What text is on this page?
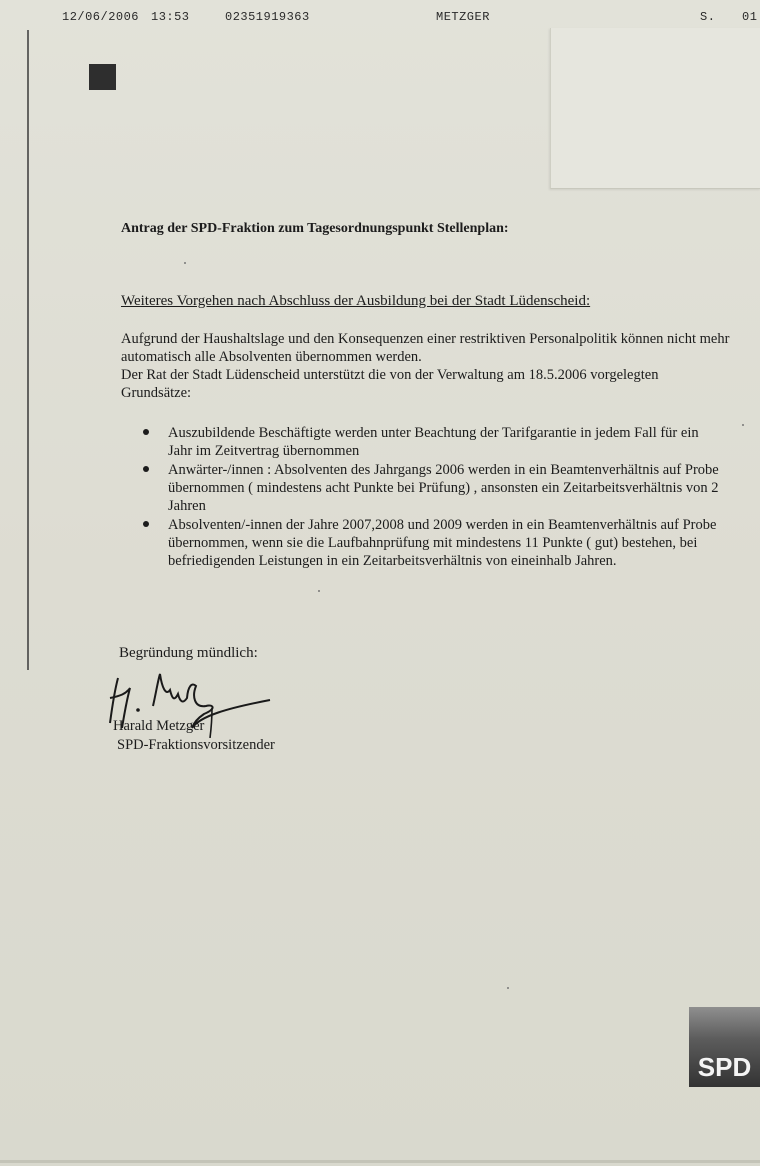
12/06/2006 13:53	02351919363	METZGER	S. 01
Antrag der SPD-Fraktion zum Tagesordnungspunkt Stellenplan:
Weiteres Vorgehen nach Abschluss der Ausbildung bei der Stadt Lüdenscheid:

Aufgrund der Haushaltslage und den Konsequenzen einer restriktiven Personalpolitik können nicht mehr automatisch alle Absolventen übernommen werden.

Der Rat der Stadt Lüdenscheid unterstützt die von der Verwaltung am 18.5.2006 vorgelegten Grundsätze:

Auszubildende Beschäftigte werden unter Beachtung der Tarifgarantie in jedem Fall für ein Jahr im Zeitvertrag übernommen
Anwärter-/innen : Absolventen des Jahrgangs 2006 werden in ein Beamtenverhältnis auf Probe übernommen ( mindestens acht Punkte bei Prüfung) , ansonsten ein Zeitarbeitsverhältnis von 2 Jahren
Absolventen/-innen der Jahre 2007,2008 und 2009 werden in ein Beamtenverhältnis auf Probe übernommen, wenn sie die Laufbahnprüfung mit mindestens 11 Punkte ( gut) bestehen, bei befriedigenden Leistungen in ein Zeitarbeitsverhältnis von eineinhalb Jahren.
Begründung mündlich:
Harald Metzger
SPD-Fraktionsvorsitzender
SPD
